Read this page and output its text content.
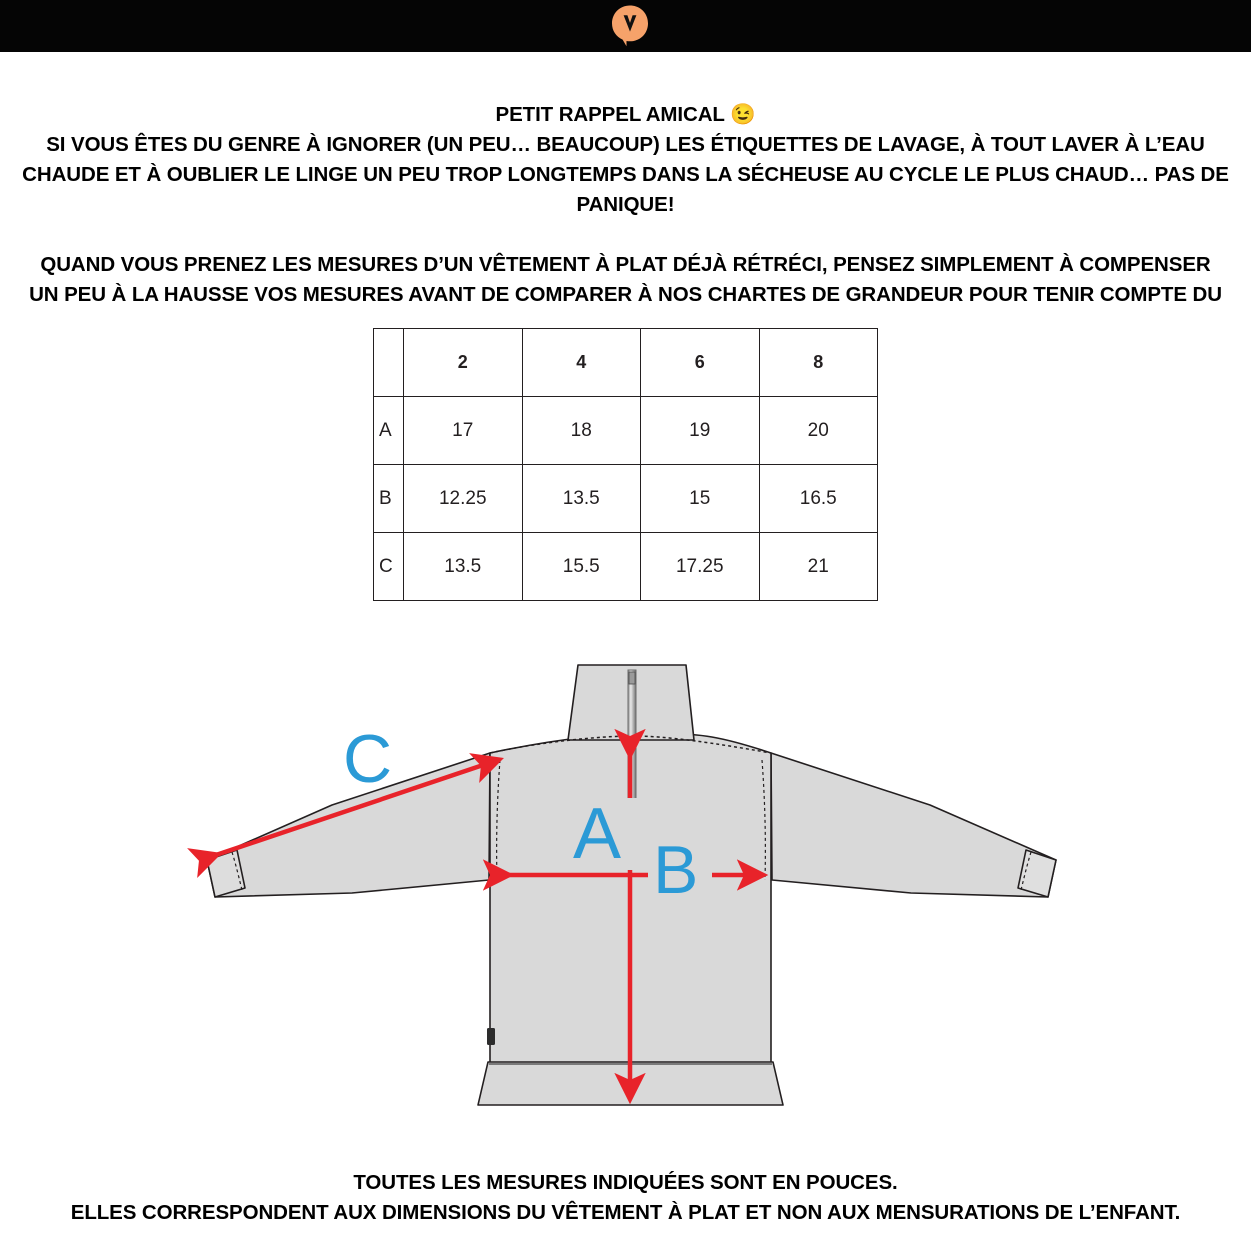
PETIT RAPPEL AMICAL 😉
SI VOUS ÊTES DU GENRE À IGNORER (UN PEU… BEAUCOUP) LES ÉTIQUETTES DE LAVAGE, À TOUT LAVER À L’EAU
CHAUDE ET À OUBLIER LE LINGE UN PEU TROP LONGTEMPS DANS LA SÉCHEUSE AU CYCLE LE PLUS CHAUD… PAS DE
PANIQUE!
QUAND VOUS PRENEZ LES MESURES D’UN VÊTEMENT À PLAT DÉJÀ RÉTRÉCI, PENSEZ SIMPLEMENT À COMPENSER
UN PEU À LA HAUSSE VOS MESURES AVANT DE COMPARER À NOS CHARTES DE GRANDEUR POUR TENIR COMPTE DU
	2	4	6	8
A	17	18	19	20
B	12.25	13.5	15	16.5
C	13.5	15.5	17.25	21
A B
C
TOUTES LES MESURES INDIQUÉES SONT EN POUCES.
ELLES CORRESPONDENT AUX DIMENSIONS DU VÊTEMENT À PLAT ET NON AUX MENSURATIONS DE L’ENFANT.
